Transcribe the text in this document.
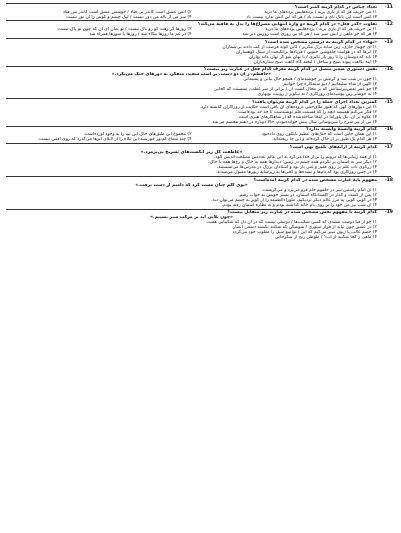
-11
تعداد جناس در کدام گزینه کمتر است؟
۱) می خریف هر که از یاری برید / پرده‌هایش پرده‌های ما درید
۲) آتش عشق است کاندر نی فتاد / جوشش عشق است کاندر می فتاد
۳) آتش است این بانگ نای و نیست باد / هر که این آتش ندارد نیست باد
۴) سر من از ناله من دور نیست / لیک چشم و گوش را آن نور نیست
-12
تفاوت «گذر فعل» در کدام گزینه دو واژهٔ انتهایی مصراع‌ها را بدل به قافیه می‌کند؟
۱) نی حریف هر که از یاری برید / پرده‌هایش پرده‌های ما درید
۲) روزها گر رفت گو رو باک نیست / تو بمان ای آن که چون تو پاک نیست
۳) هر که جز ماهی ز آبش سیر شد / هر که بی روزی است روزش دیر شد
۴) در غم ما روزها بیگاه شد / روزها با سوزها همراه شد
-13
«نهاد» در کدام گزینه به درستی مشخص شده است؟
۱) ای جویبار جاری، زین سایه برگ مگریز / کاین گونه فرصت از کف دادند بی‌شماران
۲) ابرها که در هوابیت خاموشی جنوبی / فریادها برانگیخت از سنگ کوهساران
۳) باید که دوستان را تا روز باز نگیری / تا نهان شو گر نهان ماند بهاران
۴) آینهٔ نگاهت پیوند صبح و ساحل / لبخند گاه گاهت صبح ستاره‌باران
-14
نقش دستوری ضمیر متصل در کدام گزینه معرف کدام فعل در عبارت زیر نیست؟
«حافظم، ز آن دو دست، بر اسب سفید، متفکر، به دورهای جنگ می‌نگرد.»
۱) چون در شب شد و گرمش بر جوشیدمای / همچو حال بیانی و پشیمانی
۲) آگهی از شاه سلیمانیم / دیو ستمگاره چرا خوانیم
۳) چو عمر نفس‌پیرستانش که بر محال کشت آن / برانی از سر غفلت، نشستت که کجایی
۴) نه خوشتر زین پوشیدمای روزگاری / نه نیکوتر ز روییت نوبهاری
-15
کمترین تعداد اجزای جمله را در کدام گزینه می‌توان یافت؟
۱) این دیوارهای کهن که هنوز طاق‌خمی درو‌ده‌های آن باقی است حکایت از روزگاران گذشته دارد.
۲) فکر می‌کنم همیشه آنچه را که قسمت قلم نوشته‌ست تا چه حد بوده‌است.
۳) علاوه بر آن، یک پاوراما در اینجا ساخته‌شده که از شاهکارهای هنری است.
۴) من از پیر شرح را سرپوشانی سال پیش خوانده‌بودم. حالا دوباره در ذهنم مجسم می‌شد.
-16
کدام گزینه وابستهٔ وابسته ندارد؟
۱) این همان جایی است که جنگ‌های عظیم نابلئون روی داده‌بود.
۲) مجموع این طبق‌های خاک این تپه را به وجود آورده‌است.
۳) هر کدام یک طبق پر از خاک کرده‌اند و این جا ریخته‌اند.
۴) چند شعاع کم‌نور خورشید این نگاه را از لابلای ابرها می‌گذرد که روی افقی نیست.
-17
کدام گزینه از آرایه‌های تلمیح تهی است؟
«عاطفت کل زیر انگشت‌های تشریح بی‌پژمرد.»
۱) از همه زیبایی‌ها که درونم را بر از خدا می‌کرد به این عالم عددمین مصلحت‌اندیش آلود.
۲) دیگر سر به آسمان بر نکردم همه چشم در زمین؛ دیدارها همه به خاک و رخ‌ها همه با خاک.
۳) زرتاوی باب علم بر روی فقیر و غنی باز بود و استادان بزرگ در مدرس‌ها می‌نشستند.
۴) در چنین روزگاری بود که نام‌ها و نشده‌ها و کجی‌ها به زیرسایهٔ زیورها مقبول می‌شدند.
-18
مفهوم پایهٔ عبارت مشخص شده در کدام گزینه آمده‌است؟
«بوی گلم چنان مست کرد که دامنم از دست برفت.»
۱) آن امام راستین سر در حلقوم جام قرو می‌برد و می‌گریست.
۲) پس از گشت و گذار در گلستانگاه آسمان، در بستر خویش به خواب رفتم.
۳) در کویر، گویی به مرز عالم دیگر نزدیکیم، ملوراء‌الطبیعه را از کویر به چشم می‌توان دید.
۴) آن شب نیز من خود را بر روی بام خانه گذاشته بودم و به تظارهٔ آسمان رفته بودم.
-19
کدام گزینه با مفهوم بخش مشخص شده در عبارت زیر متقابل نیست؟
«چون بلایی آید بر مرکب صبر نشینم.»
۱) چو از قبا دوست شنیدی که کسی شکیب‌ها / دوستی نیست که در آن دل که شکیبایی هست
۲) در عشق چون نیاید از فراز صبوری / شو‌شکن که شکنند نکشند دشمن انصار
۳) خصم غالب با زبون صبر می‌کنم که این / تواضع‌ سبل را مغلوب خود می‌گردد
۴) ماهی ز کجا شکیبد از آب؟ / طوطی رنج از شکرخایی
